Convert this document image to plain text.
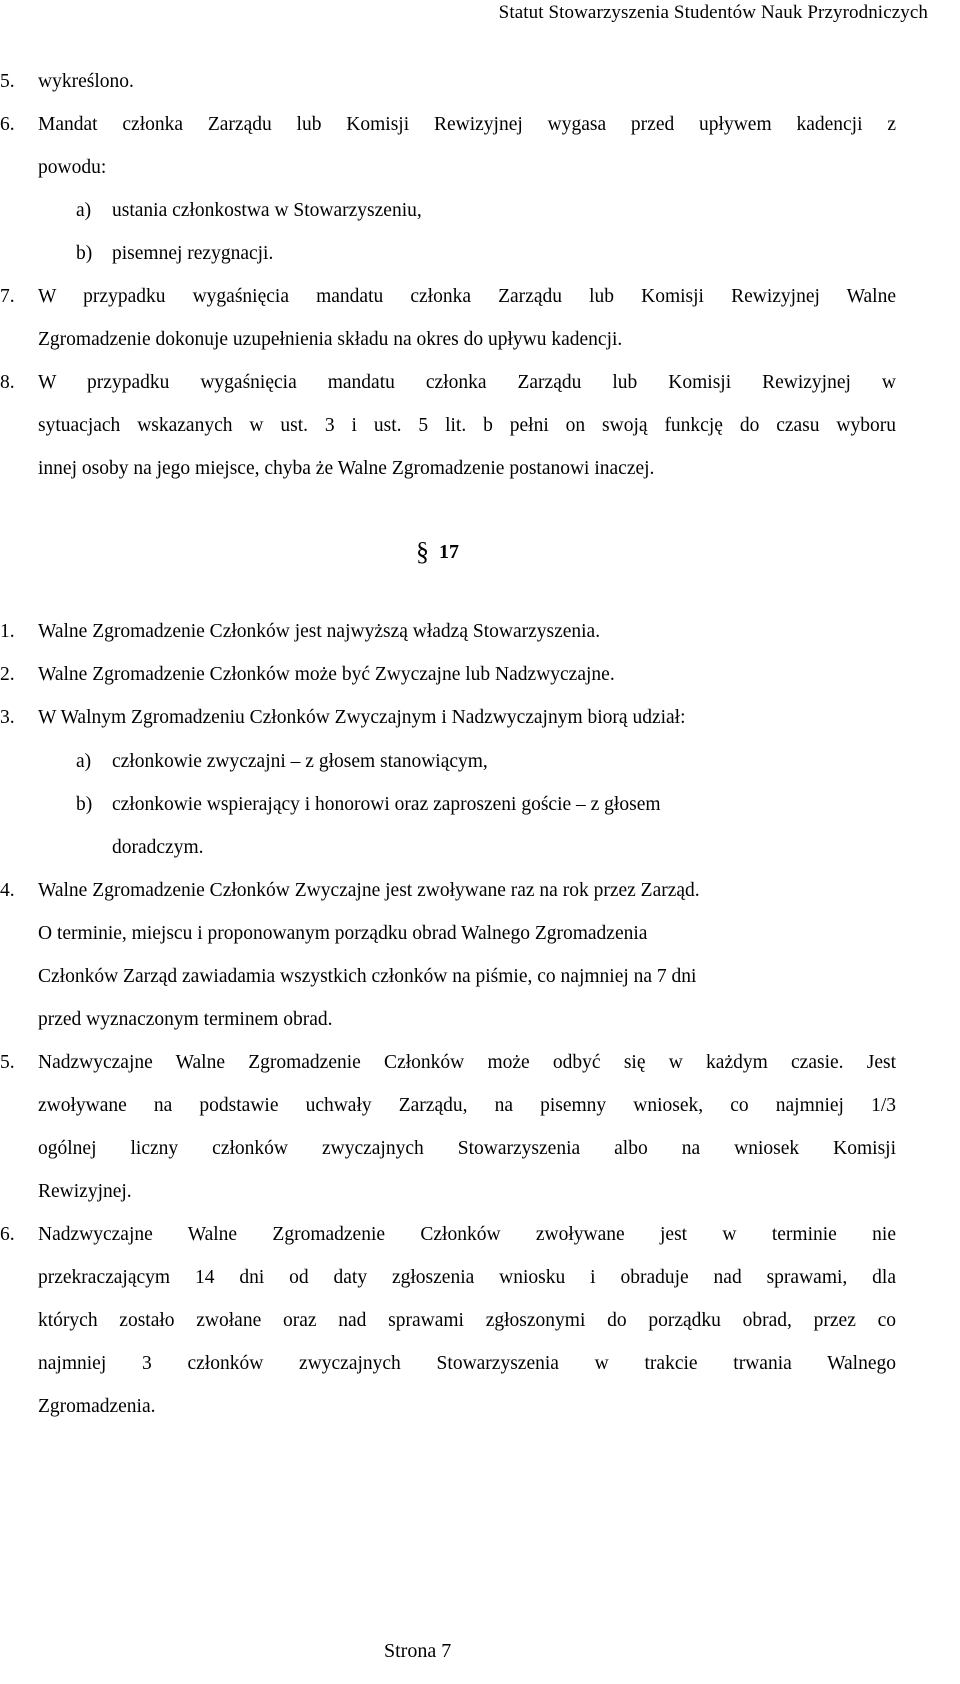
Statut Stowarzyszenia Studentów Nauk Przyrodniczych
5. wykreślono.
6. Mandat członka Zarządu lub Komisji Rewizyjnej wygasa przed upływem kadencji z
powodu:
a) ustania członkostwa w Stowarzyszeniu,
b) pisemnej rezygnacji.
7. W przypadku wygaśnięcia mandatu członka Zarządu lub Komisji Rewizyjnej Walne
Zgromadzenie dokonuje uzupełnienia składu na okres do upływu kadencji.
8. W przypadku wygaśnięcia mandatu członka Zarządu lub Komisji Rewizyjnej w
sytuacjach wskazanych w ust. 3 i ust. 5 lit. b pełni on swoją funkcję do czasu wyboru
innej osoby na jego miejsce, chyba że Walne Zgromadzenie postanowi inaczej.
§ 17
1. Walne Zgromadzenie Członków jest najwyższą władzą Stowarzyszenia.
2. Walne Zgromadzenie Członków może być Zwyczajne lub Nadzwyczajne.
3. W Walnym Zgromadzeniu Członków Zwyczajnym i Nadzwyczajnym biorą udział:
a) członkowie zwyczajni – z głosem stanowiącym,
b) członkowie wspierający i honorowi oraz zaproszeni goście – z głosem
doradczym.
4. Walne Zgromadzenie Członków Zwyczajne jest zwoływane raz na rok przez Zarząd.
O terminie, miejscu i proponowanym porządku obrad Walnego Zgromadzenia
Członków Zarząd zawiadamia wszystkich członków na piśmie, co najmniej na 7 dni
przed wyznaczonym terminem obrad.
5. Nadzwyczajne Walne Zgromadzenie Członków może odbyć się w każdym czasie. Jest
zwoływane na podstawie uchwały Zarządu, na pisemny wniosek, co najmniej 1/3
ogólnej liczny członków zwyczajnych Stowarzyszenia albo na wniosek Komisji
Rewizyjnej.
6. Nadzwyczajne Walne Zgromadzenie Członków zwoływane jest w terminie nie
przekraczającym 14 dni od daty zgłoszenia wniosku i obraduje nad sprawami, dla
których zostało zwołane oraz nad sprawami zgłoszonymi do porządku obrad, przez co
najmniej 3 członków zwyczajnych Stowarzyszenia w trakcie trwania Walnego
Zgromadzenia.
Strona 7
